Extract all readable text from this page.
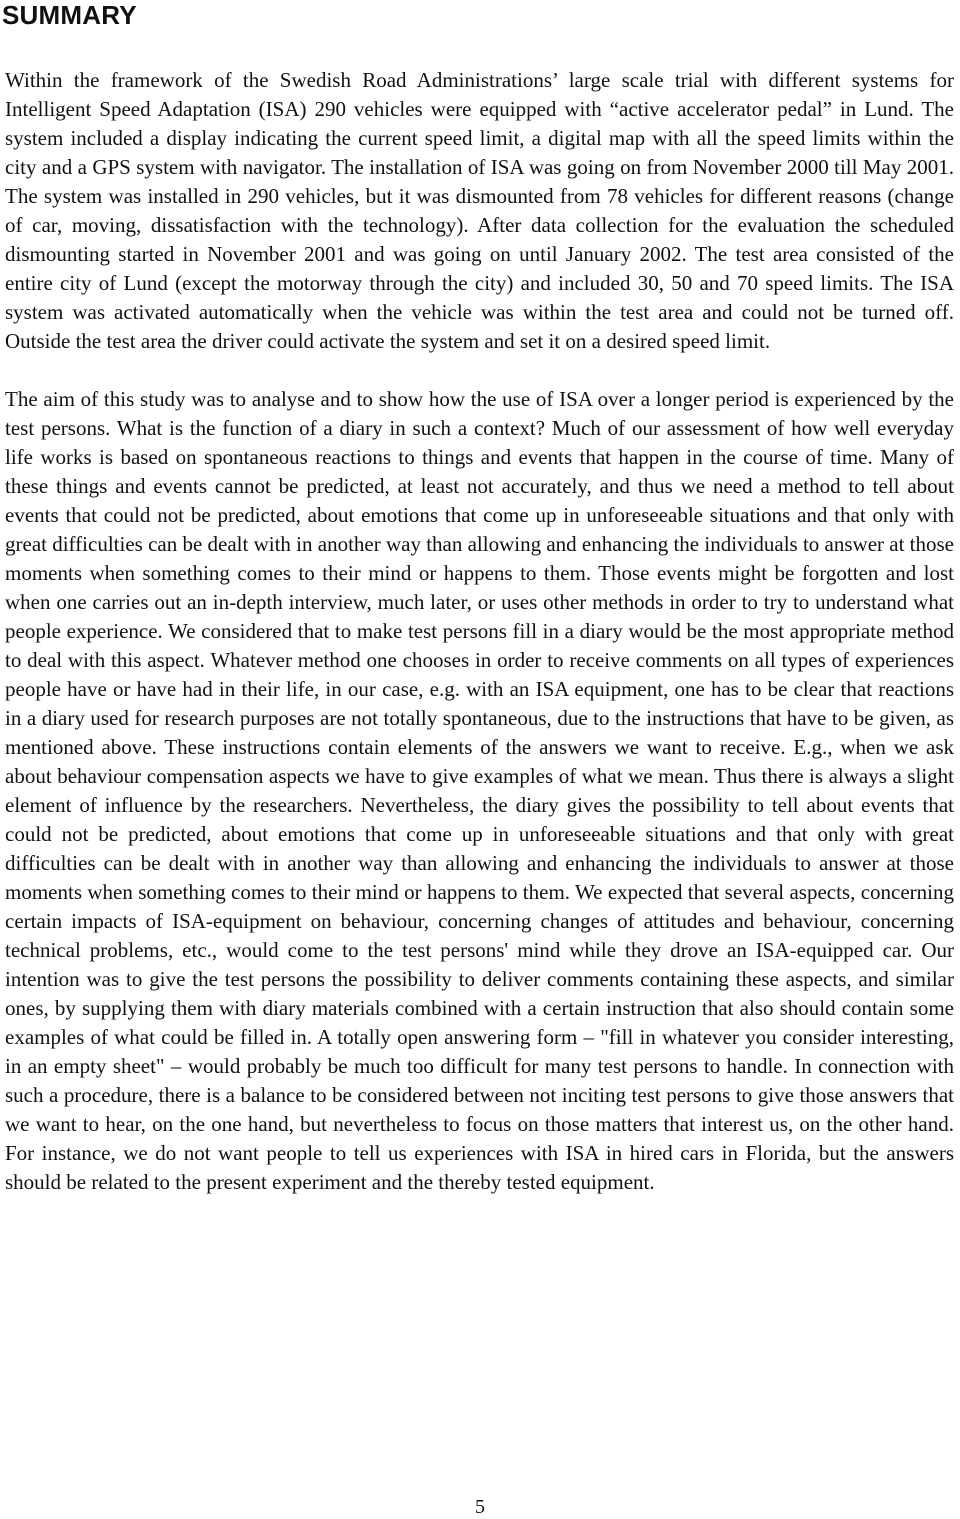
SUMMARY

Within the framework of the Swedish Road Administrations’ large scale trial with different systems for Intelligent Speed Adaptation (ISA) 290 vehicles were equipped with “active accelerator pedal” in Lund. The system included a display indicating the current speed limit, a digital map with all the speed limits within the city and a GPS system with navigator. The installation of ISA was going on from November 2000 till May 2001. The system was installed in 290 vehicles, but it was dismounted from 78 vehicles for different reasons (change of car, moving, dissatisfaction with the technology). After data collection for the evaluation the scheduled dismounting started in November 2001 and was going on until January 2002. The test area consisted of the entire city of Lund (except the motorway through the city) and included 30, 50 and 70 speed limits. The ISA system was activated automatically when the vehicle was within the test area and could not be turned off. Outside the test area the driver could activate the system and set it on a desired speed limit.

The aim of this study was to analyse and to show how the use of ISA over a longer period is experienced by the test persons. What is the function of a diary in such a context? Much of our assessment of how well everyday life works is based on spontaneous reactions to things and events that happen in the course of time. Many of these things and events cannot be predicted, at least not accurately, and thus we need a method to tell about events that could not be predicted, about emotions that come up in unforeseeable situations and that only with great difficulties can be dealt with in another way than allowing and enhancing the individuals to answer at those moments when something comes to their mind or happens to them. Those events might be forgotten and lost when one carries out an in-depth interview, much later, or uses other methods in order to try to understand what people experience. We considered that to make test persons fill in a diary would be the most appropriate method to deal with this aspect. Whatever method one chooses in order to receive comments on all types of experiences people have or have had in their life, in our case, e.g. with an ISA equipment, one has to be clear that reactions in a diary used for research purposes are not totally spontaneous, due to the instructions that have to be given, as mentioned above. These instructions contain elements of the answers we want to receive. E.g., when we ask about behaviour compensation aspects we have to give examples of what we mean. Thus there is always a slight element of influence by the researchers. Nevertheless, the diary gives the possibility to tell about events that could not be predicted, about emotions that come up in unforeseeable situations and that only with great difficulties can be dealt with in another way than allowing and enhancing the individuals to answer at those moments when something comes to their mind or happens to them. We expected that several aspects, concerning certain impacts of ISA-equipment on behaviour, concerning changes of attitudes and behaviour, concerning technical problems, etc., would come to the test persons' mind while they drove an ISA-equipped car. Our intention was to give the test persons the possibility to deliver comments containing these aspects, and similar ones, by supplying them with diary materials combined with a certain instruction that also should contain some examples of what could be filled in. A totally open answering form – "fill in whatever you consider interesting, in an empty sheet" – would probably be much too difficult for many test persons to handle. In connection with such a procedure, there is a balance to be considered between not inciting test persons to give those answers that we want to hear, on the one hand, but nevertheless to focus on those matters that interest us, on the other hand. For instance, we do not want people to tell us experiences with ISA in hired cars in Florida, but the answers should be related to the present experiment and the thereby tested equipment.

5
